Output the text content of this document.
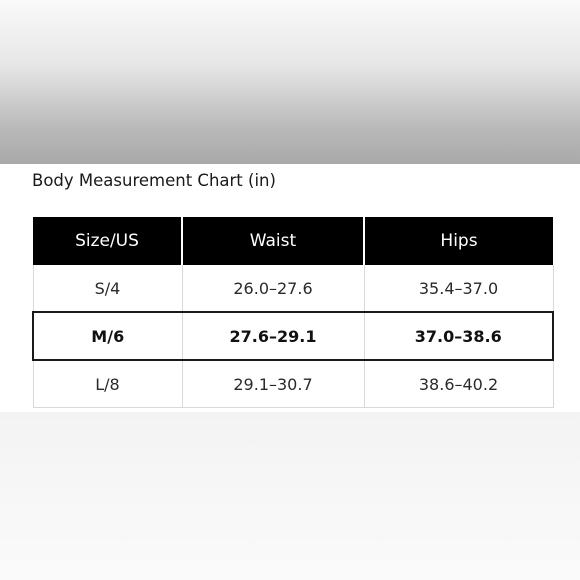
Body Measurement Chart (in)
Size/US	Waist	Hips
S/4	26.0–27.6	35.4–37.0
M/6	27.6–29.1	37.0–38.6
L/8	29.1–30.7	38.6–40.2
